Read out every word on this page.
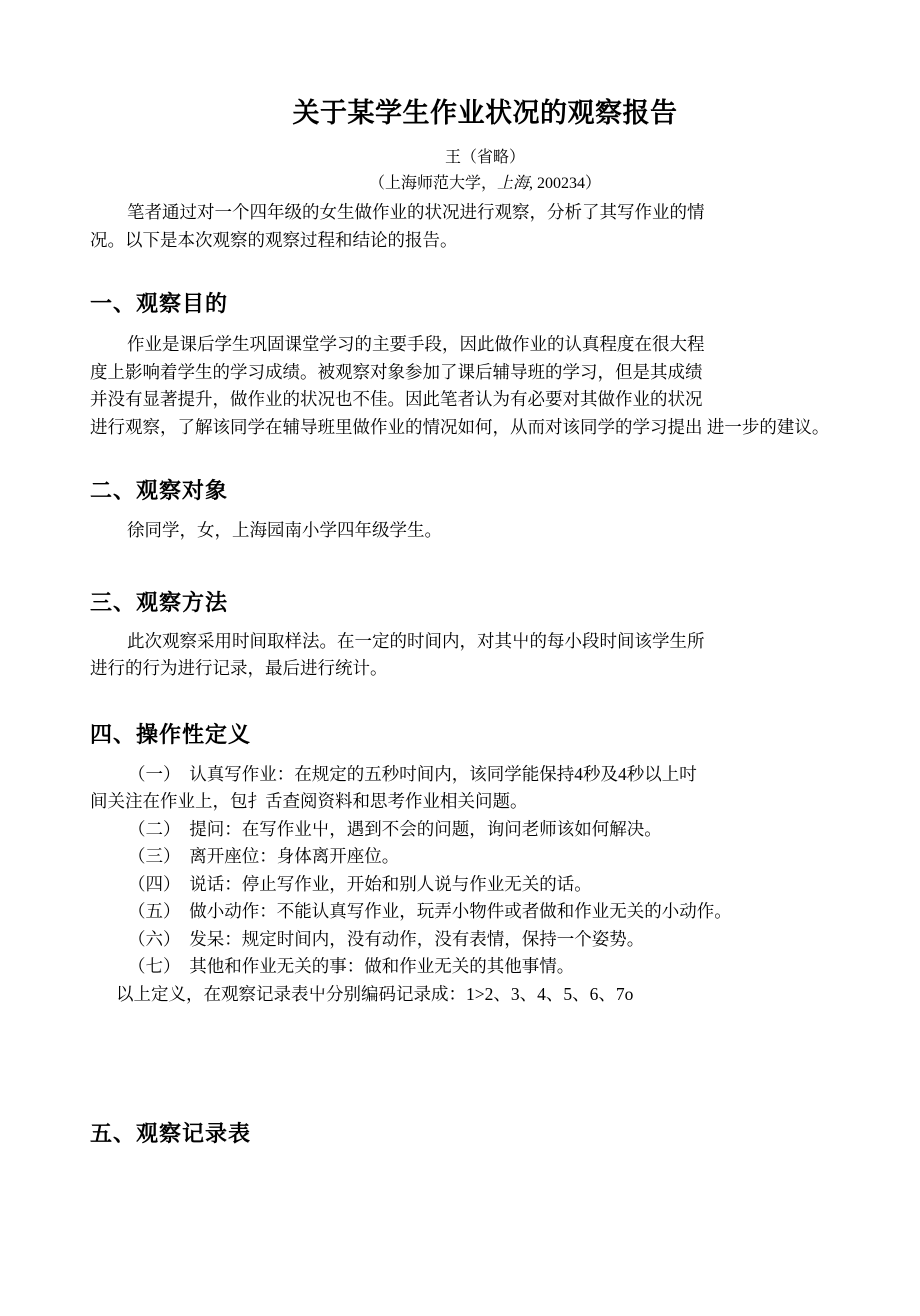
关于某学生作业状况的观察报告
王（省略）
（上海师范大学，上海, 200234）
笔者通过对一个四年级的女生做作业的状况进行观察，分析了其写作业的情
况。以下是本次观察的观察过程和结论的报告。
一、观察目的
作业是课后学生巩固课堂学习的主要手段，因此做作业的认真程度在很大程
度上影响着学生的学习成绩。被观察对象参加了课后辅导班的学习，但是其成绩
并没有显著提升，做作业的状况也不佳。因此笔者认为有必要对其做作业的状况
进行观察，了解该同学在辅导班里做作业的情况如何，从而对该同学的学习提出 进一步的建议。
二、观察对象
徐同学，女，上海园南小学四年级学生。
三、观察方法
此次观察采用时间取样法。在一定的时间内，对其屮的每小段时间该学生所
进行的行为进行记录，最后进行统计。
四、操作性定义
（一）　认真写作业：在规定的五秒吋间内，该同学能保持4秒及4秒以上吋
间关注在作业上，包扌舌查阅资料和思考作业相关问题。
（二）　提问：在写作业屮，遇到不会的问题，询问老师该如何解决。
（三）　离开座位：身体离开座位。
（四）　说话：停止写作业，开始和别人说与作业无关的话。
（五）　做小动作：不能认真写作业，玩弄小物件或者做和作业无关的小动作。
（六）　发呆：规定时间内，没有动作，没有表情，保持一个姿势。
（七）　其他和作业无关的事：做和作业无关的其他事情。
以上定义，在观察记录表屮分别编码记录成：1>2、3、4、5、6、7o
五、观察记录表
